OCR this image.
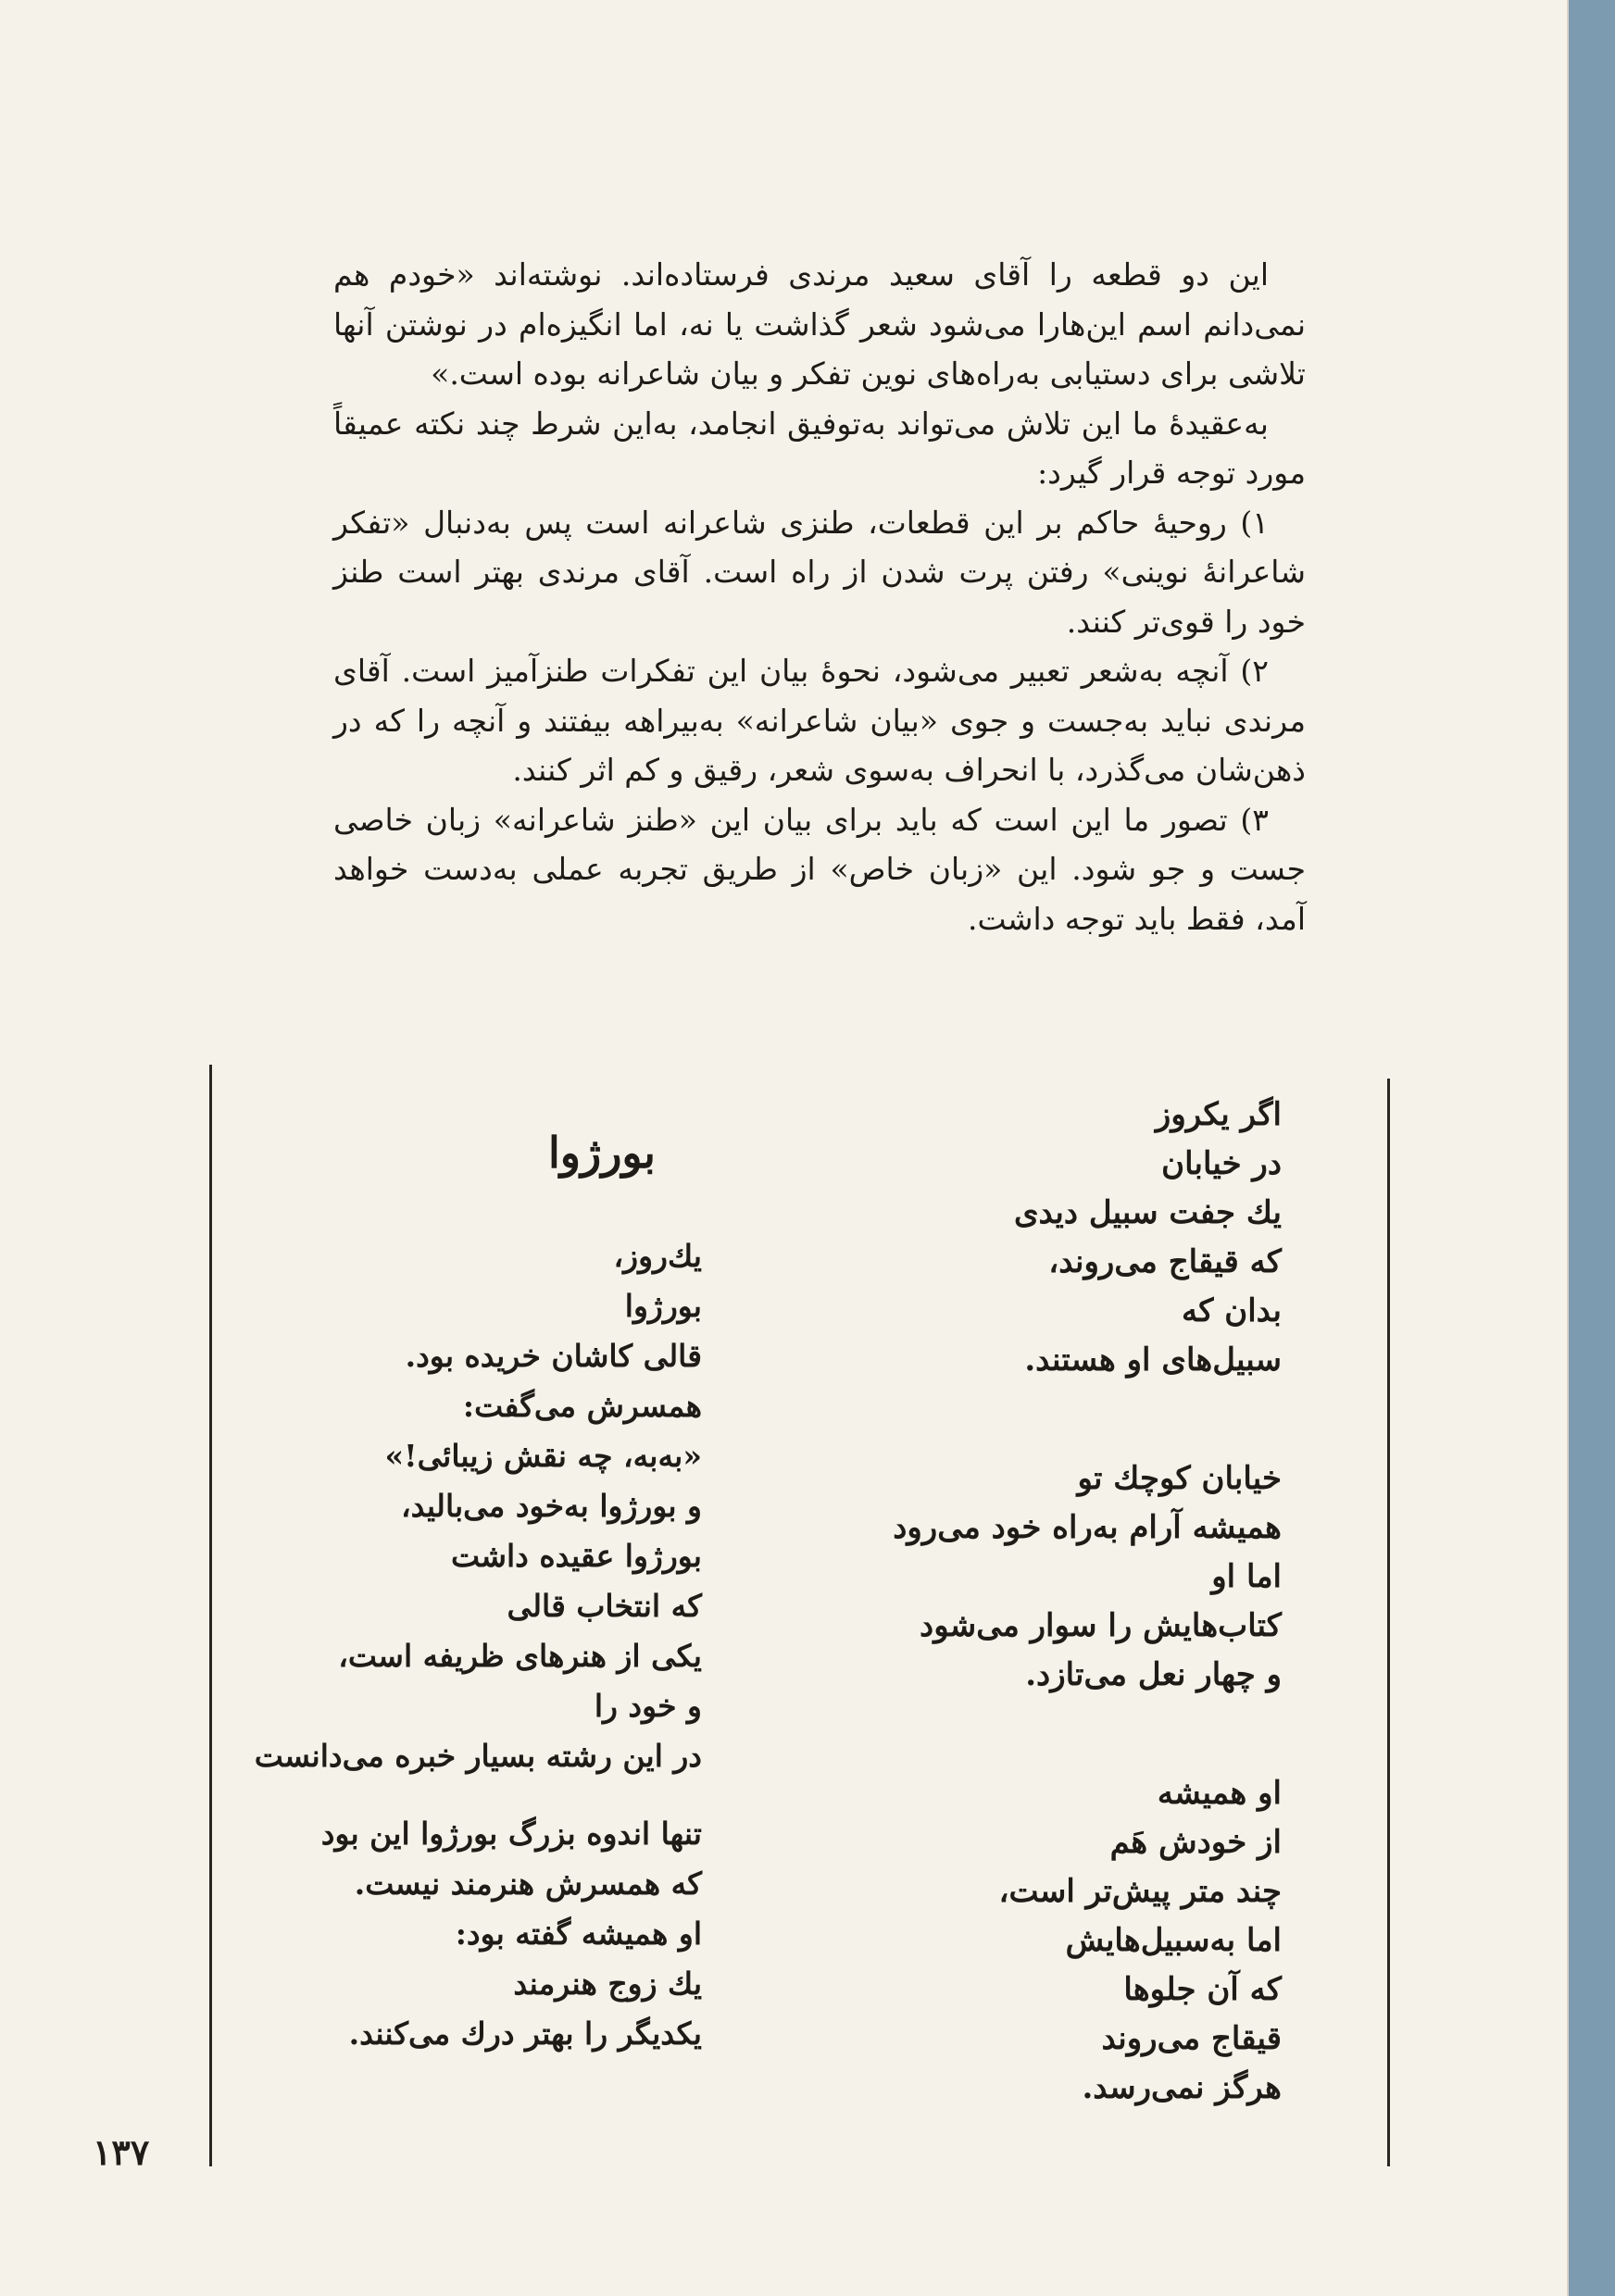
این دو قطعه را آقای سعید مرندی فرستاده‌اند. نوشته‌اند «خودم هم نمی‌دانم اسم این‌هارا می‌شود شعر گذاشت یا نه، اما انگیزه‌ام در نوشتن آنها تلاشی برای دستیابی به‌راه‌های نوین تفکر و بیان شاعرانه بوده است.»

به‌عقیدهٔ ما این تلاش می‌تواند به‌توفیق انجامد، به‌این شرط چند نکته عمیقاً مورد توجه قرار گیرد:

۱) روحیهٔ حاکم بر این قطعات، طنزی شاعرانه است پس به‌دنبال «تفکر شاعرانهٔ نوینی» رفتن پرت شدن از راه است. آقای مرندی بهتر است طنز خود را قوی‌تر کنند.

۲) آنچه به‌شعر تعبیر می‌شود، نحوهٔ بیان این تفکرات طنزآمیز است. آقای مرندی نباید به‌جست و جوی «بیان شاعرانه» به‌بیراهه بیفتند و آنچه را که در ذهن‌شان می‌گذرد، با انحراف به‌سوی شعر، رقیق و کم اثر کنند.

۳) تصور ما این است که باید برای بیان این «طنز شاعرانه» زبان خاصی جست و جو شود. این «زبان خاص» از طریق تجربه عملی به‌دست خواهد آمد، فقط باید توجه داشت.

اگر یکروز
در خیابان
یك جفت سبیل دیدی
که قیقاج می‌روند،
بدان که
سبیل‌های او هستند.
خیابان کوچك تو
همیشه آرام به‌راه خود می‌رود
اما او
کتاب‌هایش را سوار می‌شود
و چهار نعل می‌تازد.
او همیشه
از خودش هَم
چند متر پیش‌تر است،
اما به‌سبیل‌هایش
که آن جلوها
قیقاج می‌روند
هرگز نمی‌رسد.
بورژوا
یك‌روز،
بورژوا
قالی کاشان خریده بود.
همسرش می‌گفت:
«به‌به، چه نقش زیبائی!»
و بورژوا به‌خود می‌بالید،
بورژوا عقیده داشت
که انتخاب قالی
یکی از هنرهای ظریفه است،
و خود را
در این رشته بسیار خبره می‌دانست
تنها اندوه بزرگ بورژوا این بود
که همسرش هنرمند نیست.
او همیشه گفته بود:
یك زوج هنرمند
یکدیگر را بهتر درك می‌کنند.
۱۳۷
